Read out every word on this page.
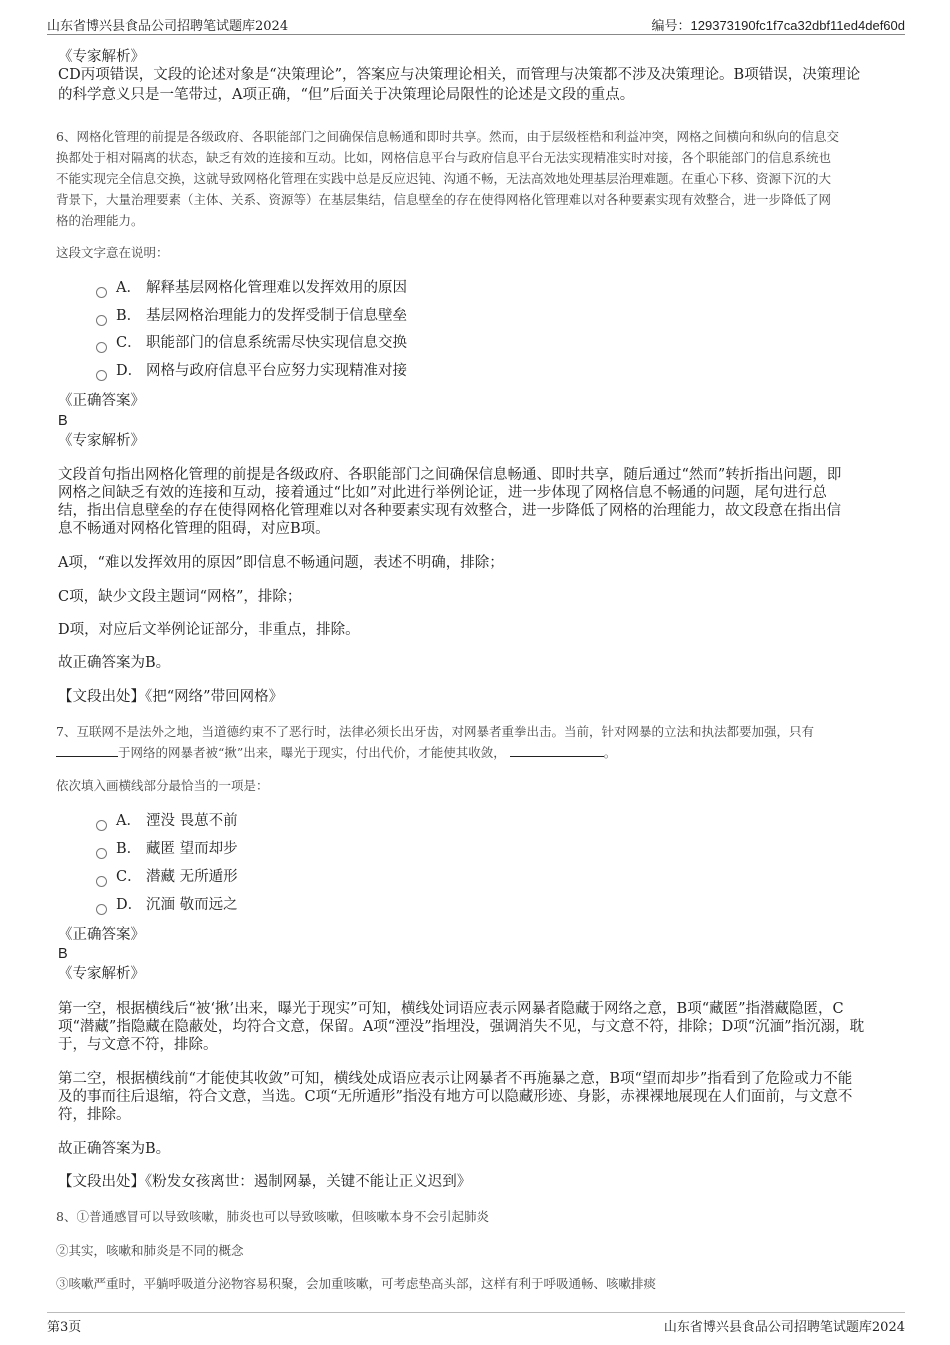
山东省博兴县食品公司招聘笔试题库2024	编号：129373190fc1f7ca32dbf11ed4def60d
《专家解析》
CD丙项错误，文段的论述对象是“决策理论”，答案应与决策理论相关，而管理与决策都不涉及决策理论。B项错误，决策理论
的科学意义只是一笔带过，A项正确，“但”后面关于决策理论局限性的论述是文段的重点。
6、网格化管理的前提是各级政府、各职能部门之间确保信息畅通和即时共享。然而，由于层级桎梏和利益冲突，网格之间横向和纵向的信息交
换都处于相对隔离的状态，缺乏有效的连接和互动。比如，网格信息平台与政府信息平台无法实现精准实时对接，各个职能部门的信息系统也
不能实现完全信息交换，这就导致网格化管理在实践中总是反应迟钝、沟通不畅，无法高效地处理基层治理难题。在重心下移、资源下沉的大
背景下，大量治理要素（主体、关系、资源等）在基层集结，信息壁垒的存在使得网格化管理难以对各种要素实现有效整合，进一步降低了网
格的治理能力。
这段文字意在说明：
A． 解释基层网格化管理难以发挥效用的原因
B． 基层网格治理能力的发挥受制于信息壁垒
C． 职能部门的信息系统需尽快实现信息交换
D． 网格与政府信息平台应努力实现精准对接
《正确答案》
B
《专家解析》
文段首句指出网格化管理的前提是各级政府、各职能部门之间确保信息畅通、即时共享，随后通过“然而”转折指出问题，即
网格之间缺乏有效的连接和互动，接着通过“比如”对此进行举例论证，进一步体现了网格信息不畅通的问题，尾句进行总
结，指出信息壁垒的存在使得网格化管理难以对各种要素实现有效整合，进一步降低了网格的治理能力，故文段意在指出信
息不畅通对网格化管理的阻碍，对应B项。
A项，“难以发挥效用的原因”即信息不畅通问题，表述不明确，排除；
C项，缺少文段主题词“网格”，排除；
D项，对应后文举例论证部分，非重点，排除。
故正确答案为B。
【文段出处】《把“网络”带回网格》
7、互联网不是法外之地，当道德约束不了恶行时，法律必须长出牙齿，对网暴者重拳出击。当前，针对网暴的立法和执法都要加强，只有
于网络的网暴者被“揪”出来，曝光于现实，付出代价，才能使其收敛，	。
依次填入画横线部分最恰当的一项是：
A． 湮没 畏葸不前
B． 藏匿 望而却步
C． 潜藏 无所遁形
D． 沉湎 敬而远之
《正确答案》
B
《专家解析》
第一空，根据横线后“被‘揪’出来，曝光于现实”可知，横线处词语应表示网暴者隐藏于网络之意，B项“藏匿”指潜藏隐匿，C
项“潜藏”指隐藏在隐蔽处，均符合文意，保留。A项“湮没”指埋没，强调消失不见，与文意不符，排除；D项“沉湎”指沉溺，耽
于，与文意不符，排除。
第二空，根据横线前“才能使其收敛”可知，横线处成语应表示让网暴者不再施暴之意，B项“望而却步”指看到了危险或力不能
及的事而往后退缩，符合文意，当选。C项“无所遁形”指没有地方可以隐藏形迹、身影，赤裸裸地展现在人们面前，与文意不
符，排除。
故正确答案为B。
【文段出处】《粉发女孩离世：遏制网暴，关键不能让正义迟到》
8、①普通感冒可以导致咳嗽，肺炎也可以导致咳嗽，但咳嗽本身不会引起肺炎
②其实，咳嗽和肺炎是不同的概念
③咳嗽严重时，平躺呼吸道分泌物容易积聚，会加重咳嗽，可考虑垫高头部，这样有利于呼吸通畅、咳嗽排痰
第3页	山东省博兴县食品公司招聘笔试题库2024
